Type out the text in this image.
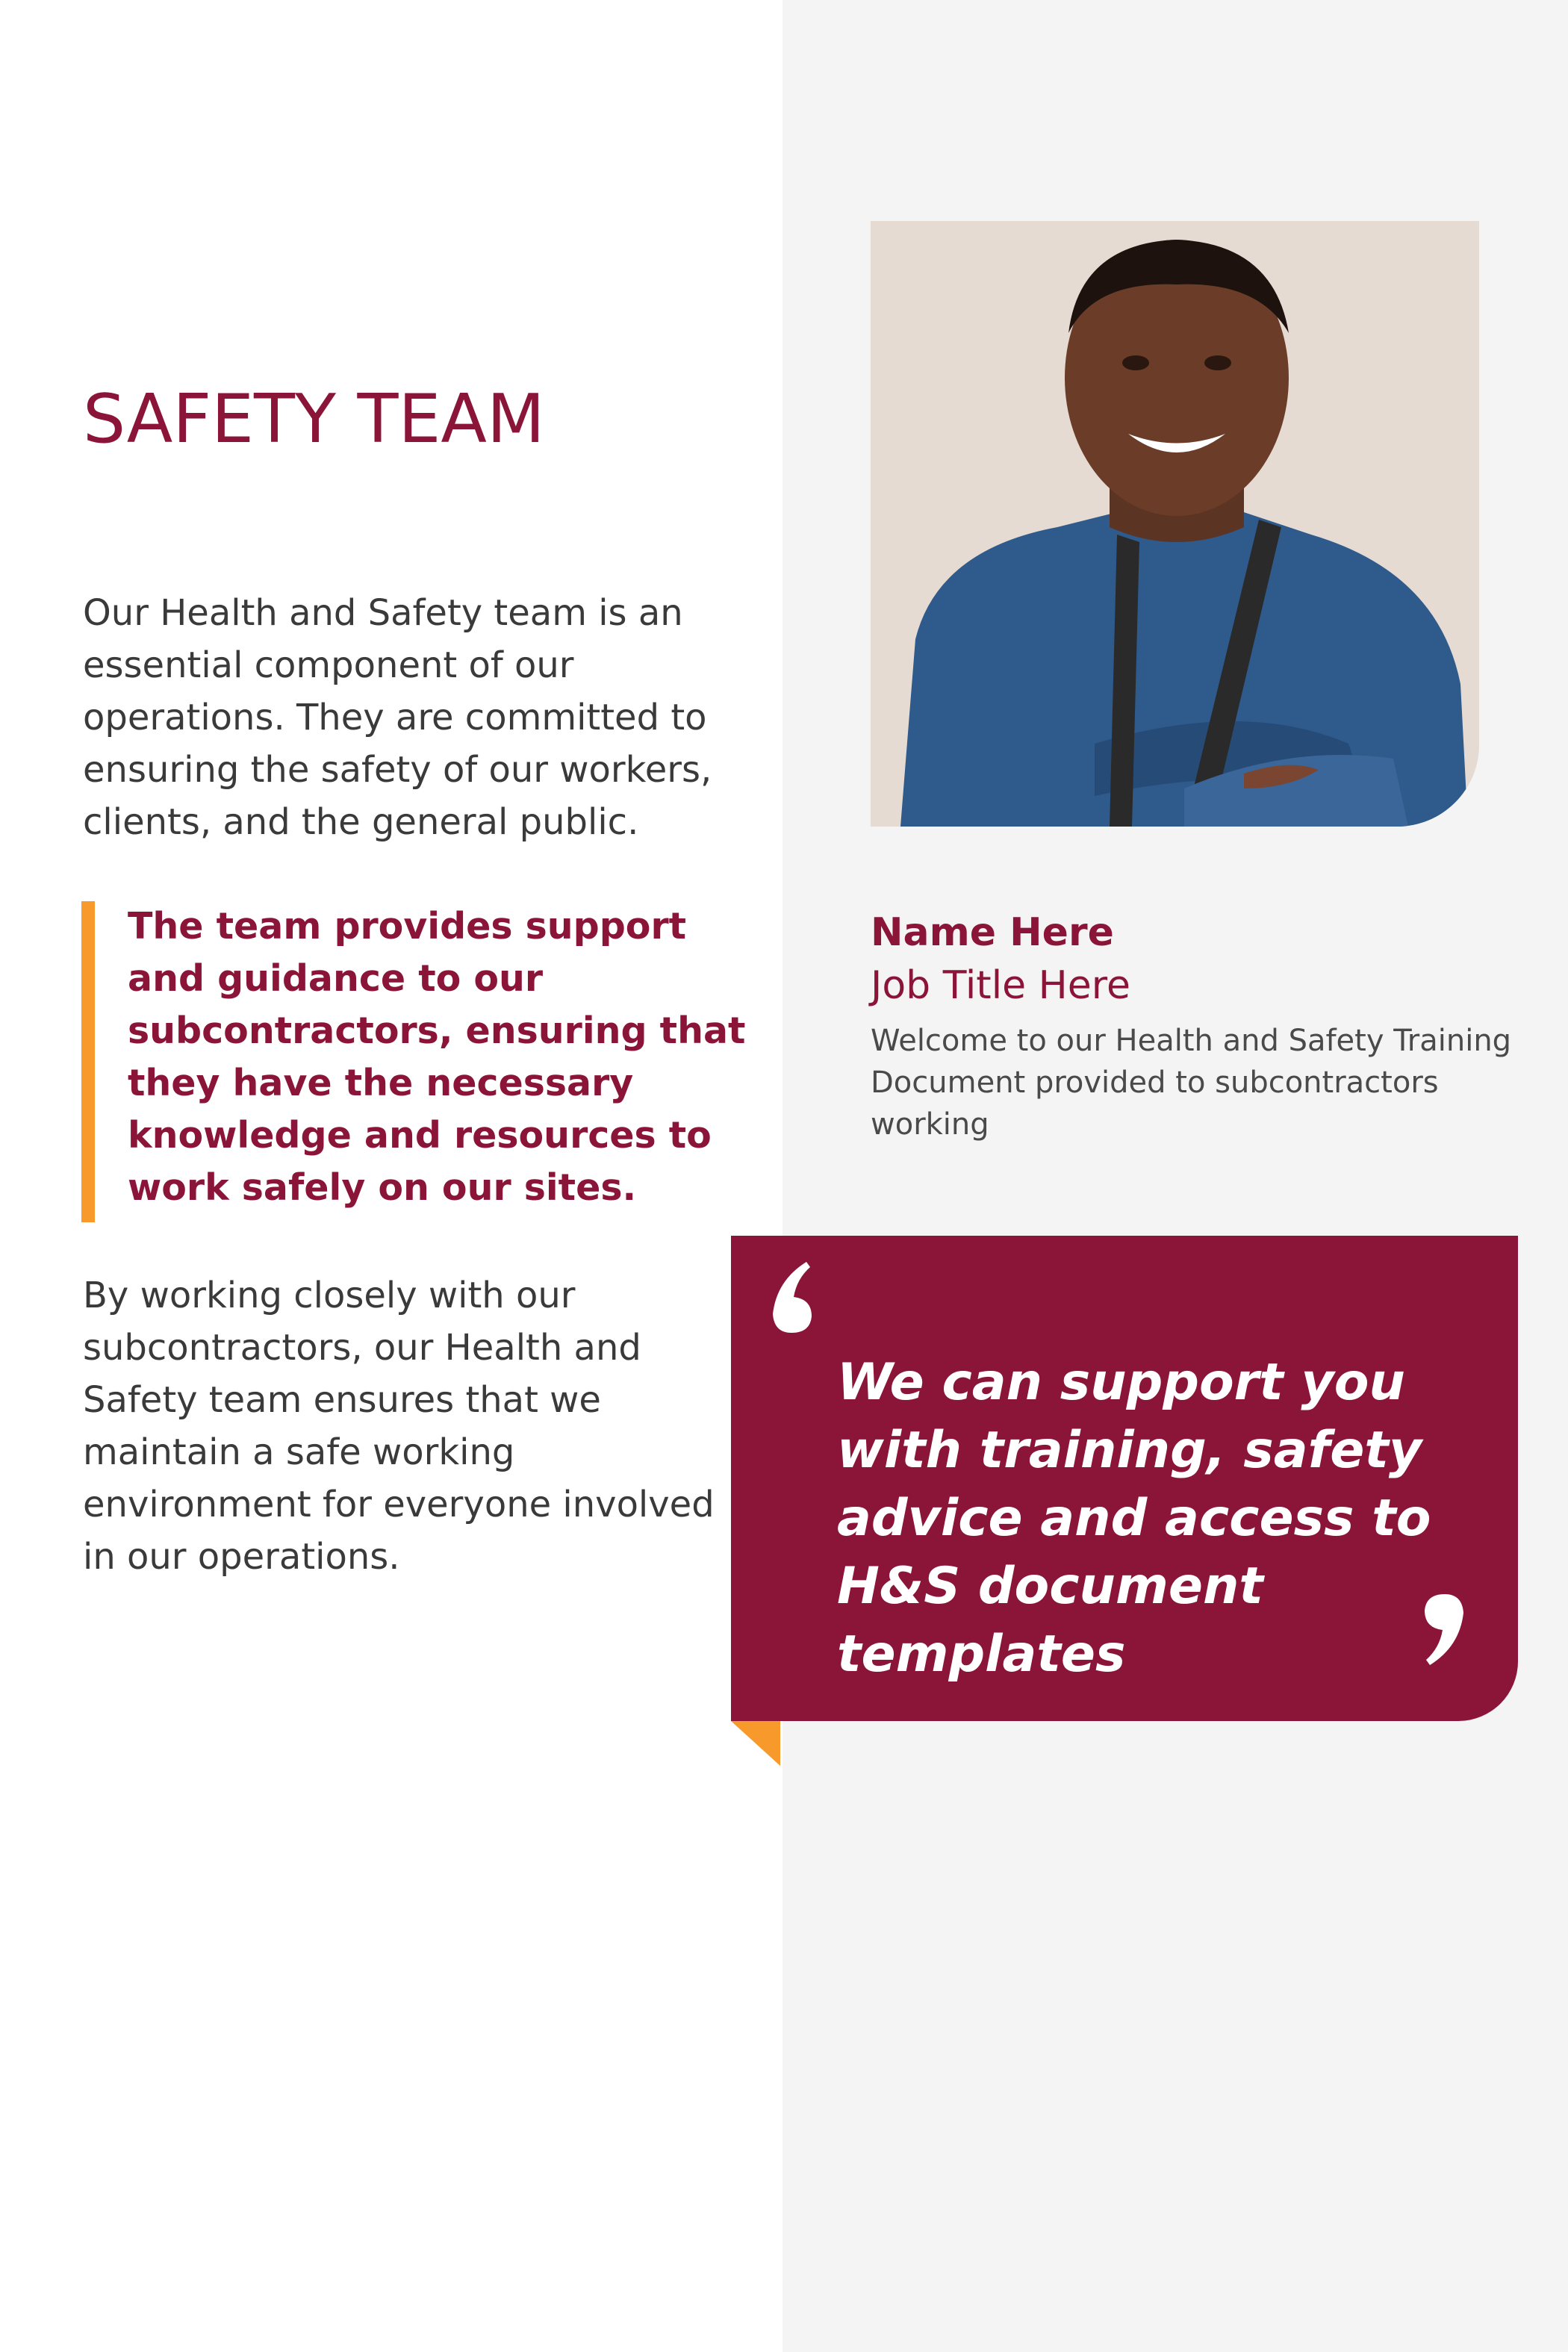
SAFETY TEAM

Our Health and Safety team is an essential component of our operations. They are committed to ensuring the safety of our workers, clients, and the general public.

The team provides support and guidance to our subcontractors, ensuring that they have the necessary knowledge and resources to work safely on our sites.

By working closely with our subcontractors, our Health and Safety team ensures that we maintain a safe working environment for everyone involved in our operations.

Name Here

Job Title Here

Welcome to our Health and Safety Training Document provided to subcontractors working

We can support you with training, safety advice and access to H&S document templates
